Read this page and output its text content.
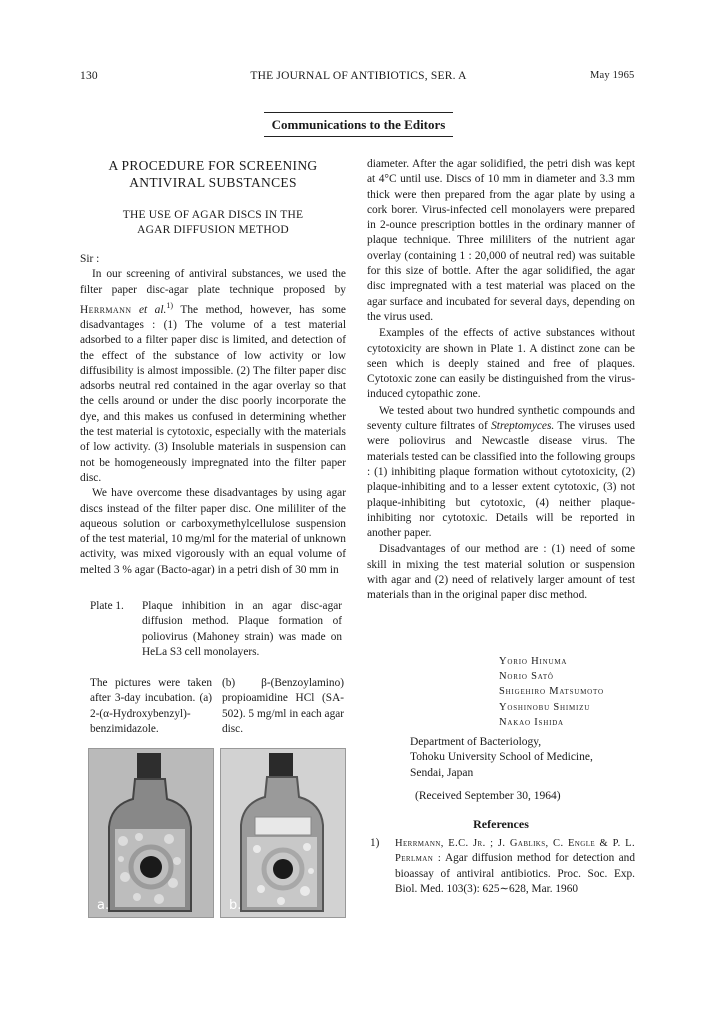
130	THE JOURNAL OF ANTIBIOTICS, SER. A	May 1965
Communications to the Editors
A PROCEDURE FOR SCREENING
ANTIVIRAL SUBSTANCES
THE USE OF AGAR DISCS IN THE
AGAR DIFFUSION METHOD

Sir :

In our screening of antiviral substances, we used the filter paper disc-agar plate technique proposed by Herrmann et al.$^{1)}$ The method, however, has some disadvantages : (1) The volume of a test material adsorbed to a filter paper disc is limited, and detection of the effect of the substance of low activity or low diffusibility is almost impossible. (2) The filter paper disc adsorbs neutral red contained in the agar overlay so that the cells around or under the disc poorly incorporate the dye, and this makes us confused in determining whether the test material is cytotoxic, especially with the materials of low activity. (3) Insoluble materials in suspension can not be homogeneously impregnated into the filter paper disc.

We have overcome these disadvantages by using agar discs instead of the filter paper disc. One mililiter of the aqueous solution or carboxymethylcellulose suspension of the test material, 10 mg/ml for the material of unknown activity, was mixed vigorously with an equal volume of melted 3 % agar (Bacto-agar) in a petri dish of 30 mm in

Plate 1.	Plaque inhibition in an agar disc-agar diffusion method. Plaque formation of poliovirus (Mahoney strain) was made on HeLa S3 cell monolayers.
The pictures were taken after 3-day incubation. (a) 2-(α-Hydroxybenzyl)-benzimidazole.
(b) β-(Benzoylamino) propioamidine HCl (SA-502). 5 mg/ml in each agar disc.
a.	b.

diameter. After the agar solidified, the petri dish was kept at 4°C until use. Discs of 10 mm in diameter and 3.3 mm thick were then prepared from the agar plate by using a cork borer. Virus-infected cell monolayers were prepared in 2-ounce prescription bottles in the ordinary manner of plaque technique. Three mililiters of the nutrient agar overlay (containing 1 : 20,000 of neutral red) was suitable for this size of bottle. After the agar solidified, the agar disc impregnated with a test material was placed on the agar surface and incubated for several days, depending on the virus used.

Examples of the effects of active substances without cytotoxicity are shown in Plate 1. A distinct zone can be seen which is deeply stained and free of plaques. Cytotoxic zone can easily be distinguished from the virus-induced cytopathic zone.

We tested about two hundred synthetic compounds and seventy culture filtrates of Streptomyces. The viruses used were poliovirus and Newcastle disease virus. The materials tested can be classified into the following groups : (1) inhibiting plaque formation without cytotoxicity, (2) plaque-inhibiting and to a lesser extent cytotoxic, (3) not plaque-inhibiting but cytotoxic, (4) neither plaque-inhibiting nor cytotoxic. Details will be reported in another paper.

Disadvantages of our method are : (1) need of some skill in mixing the test material solution or suspension with agar and (2) need of relatively larger amount of test materials than in the original paper disc method.

Yorio Hinuma
Norio Satô
Shigehiro Matsumoto
Yoshinobu Shimizu
Nakao Ishida
Department of Bacteriology,
Tohoku University School of Medicine,
Sendai, Japan
(Received September 30, 1964)
References
1)	Herrmann, E.C. Jr. ; J. Gabliks, C. Engle & P. L. Perlman : Agar diffusion method for detection and bioassay of antiviral antibiotics. Proc. Soc. Exp. Biol. Med. 103(3): 625∼628, Mar. 1960
